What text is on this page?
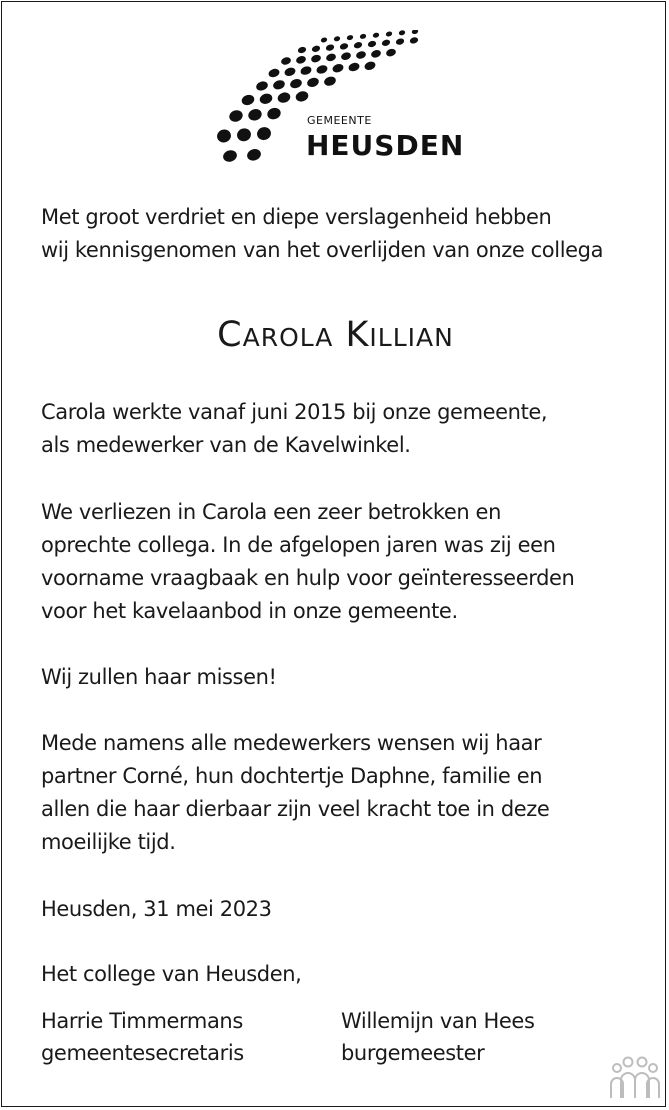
GEMEENTE
HEUSDEN
Met groot verdriet en diepe verslagenheid hebben
wij kennisgenomen van het overlijden van onze collega
Carola Killian
Carola werkte vanaf juni 2015 bij onze gemeente,
als medewerker van de Kavelwinkel.
We verliezen in Carola een zeer betrokken en
oprechte collega. In de afgelopen jaren was zij een
voorname vraagbaak en hulp voor geïnteresseerden
voor het kavelaanbod in onze gemeente.
Wij zullen haar missen!
Mede namens alle medewerkers wensen wij haar
partner Corné, hun dochtertje Daphne, familie en
allen die haar dierbaar zijn veel kracht toe in deze
moeilijke tijd.
Heusden, 31 mei 2023
Het college van Heusden,
Harrie Timmermans
gemeentesecretaris
Willemijn van Hees
burgemeester
